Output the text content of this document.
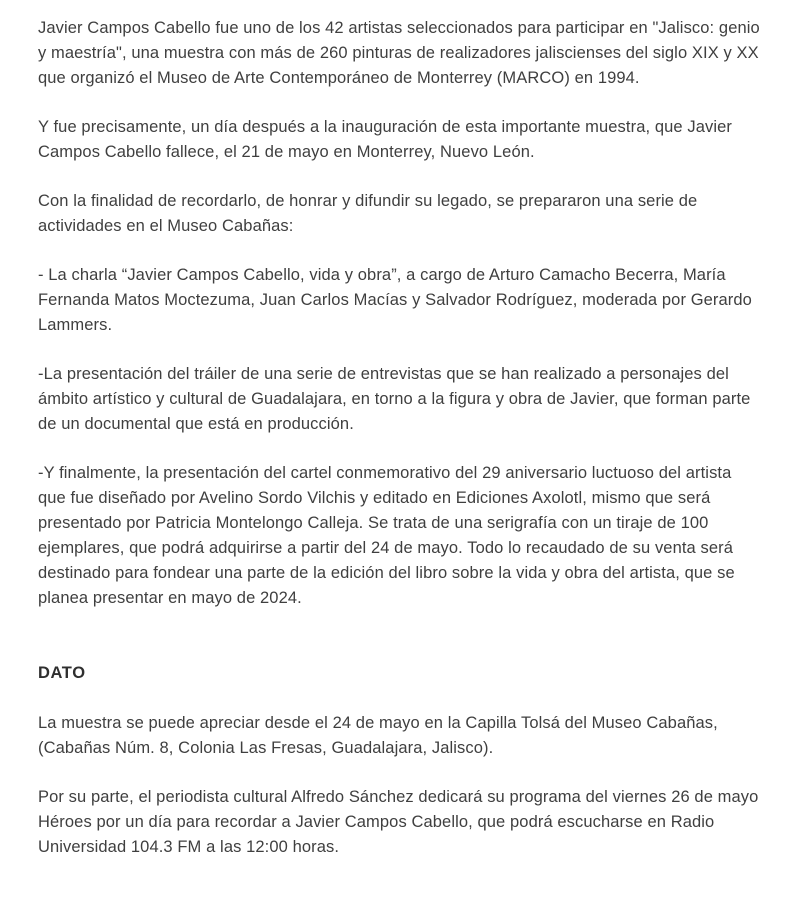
Javier Campos Cabello fue uno de los 42 artistas seleccionados para participar en "Jalisco: genio y maestría", una muestra con más de 260 pinturas de realizadores jaliscienses del siglo XIX y XX que organizó el Museo de Arte Contemporáneo de Monterrey (MARCO) en 1994.

Y fue precisamente, un día después a la inauguración de esta importante muestra, que Javier Campos Cabello fallece, el 21 de mayo en Monterrey, Nuevo León.

Con la finalidad de recordarlo, de honrar y difundir su legado, se prepararon una serie de actividades en el Museo Cabañas:

- La charla “Javier Campos Cabello, vida y obra”, a cargo de Arturo Camacho Becerra, María Fernanda Matos Moctezuma, Juan Carlos Macías y Salvador Rodríguez, moderada por Gerardo Lammers.

-La presentación del tráiler de una serie de entrevistas que se han realizado a personajes del ámbito artístico y cultural de Guadalajara, en torno a la figura y obra de Javier, que forman parte de un documental que está en producción.

-Y finalmente, la presentación del cartel conmemorativo del 29 aniversario luctuoso del artista que fue diseñado por Avelino Sordo Vilchis y editado en Ediciones Axolotl, mismo que será presentado por Patricia Montelongo Calleja. Se trata de una serigrafía con un tiraje de 100 ejemplares, que podrá adquirirse a partir del 24 de mayo. Todo lo recaudado de su venta será destinado para fondear una parte de la edición del libro sobre la vida y obra del artista, que se planea presentar en mayo de 2024.

DATO

La muestra se puede apreciar desde el 24 de mayo en la Capilla Tolsá del Museo Cabañas, (Cabañas Núm. 8, Colonia Las Fresas, Guadalajara, Jalisco).

Por su parte, el periodista cultural Alfredo Sánchez dedicará su programa del viernes 26 de mayo Héroes por un día para recordar a Javier Campos Cabello, que podrá escucharse en Radio Universidad 104.3 FM a las 12:00 horas.
